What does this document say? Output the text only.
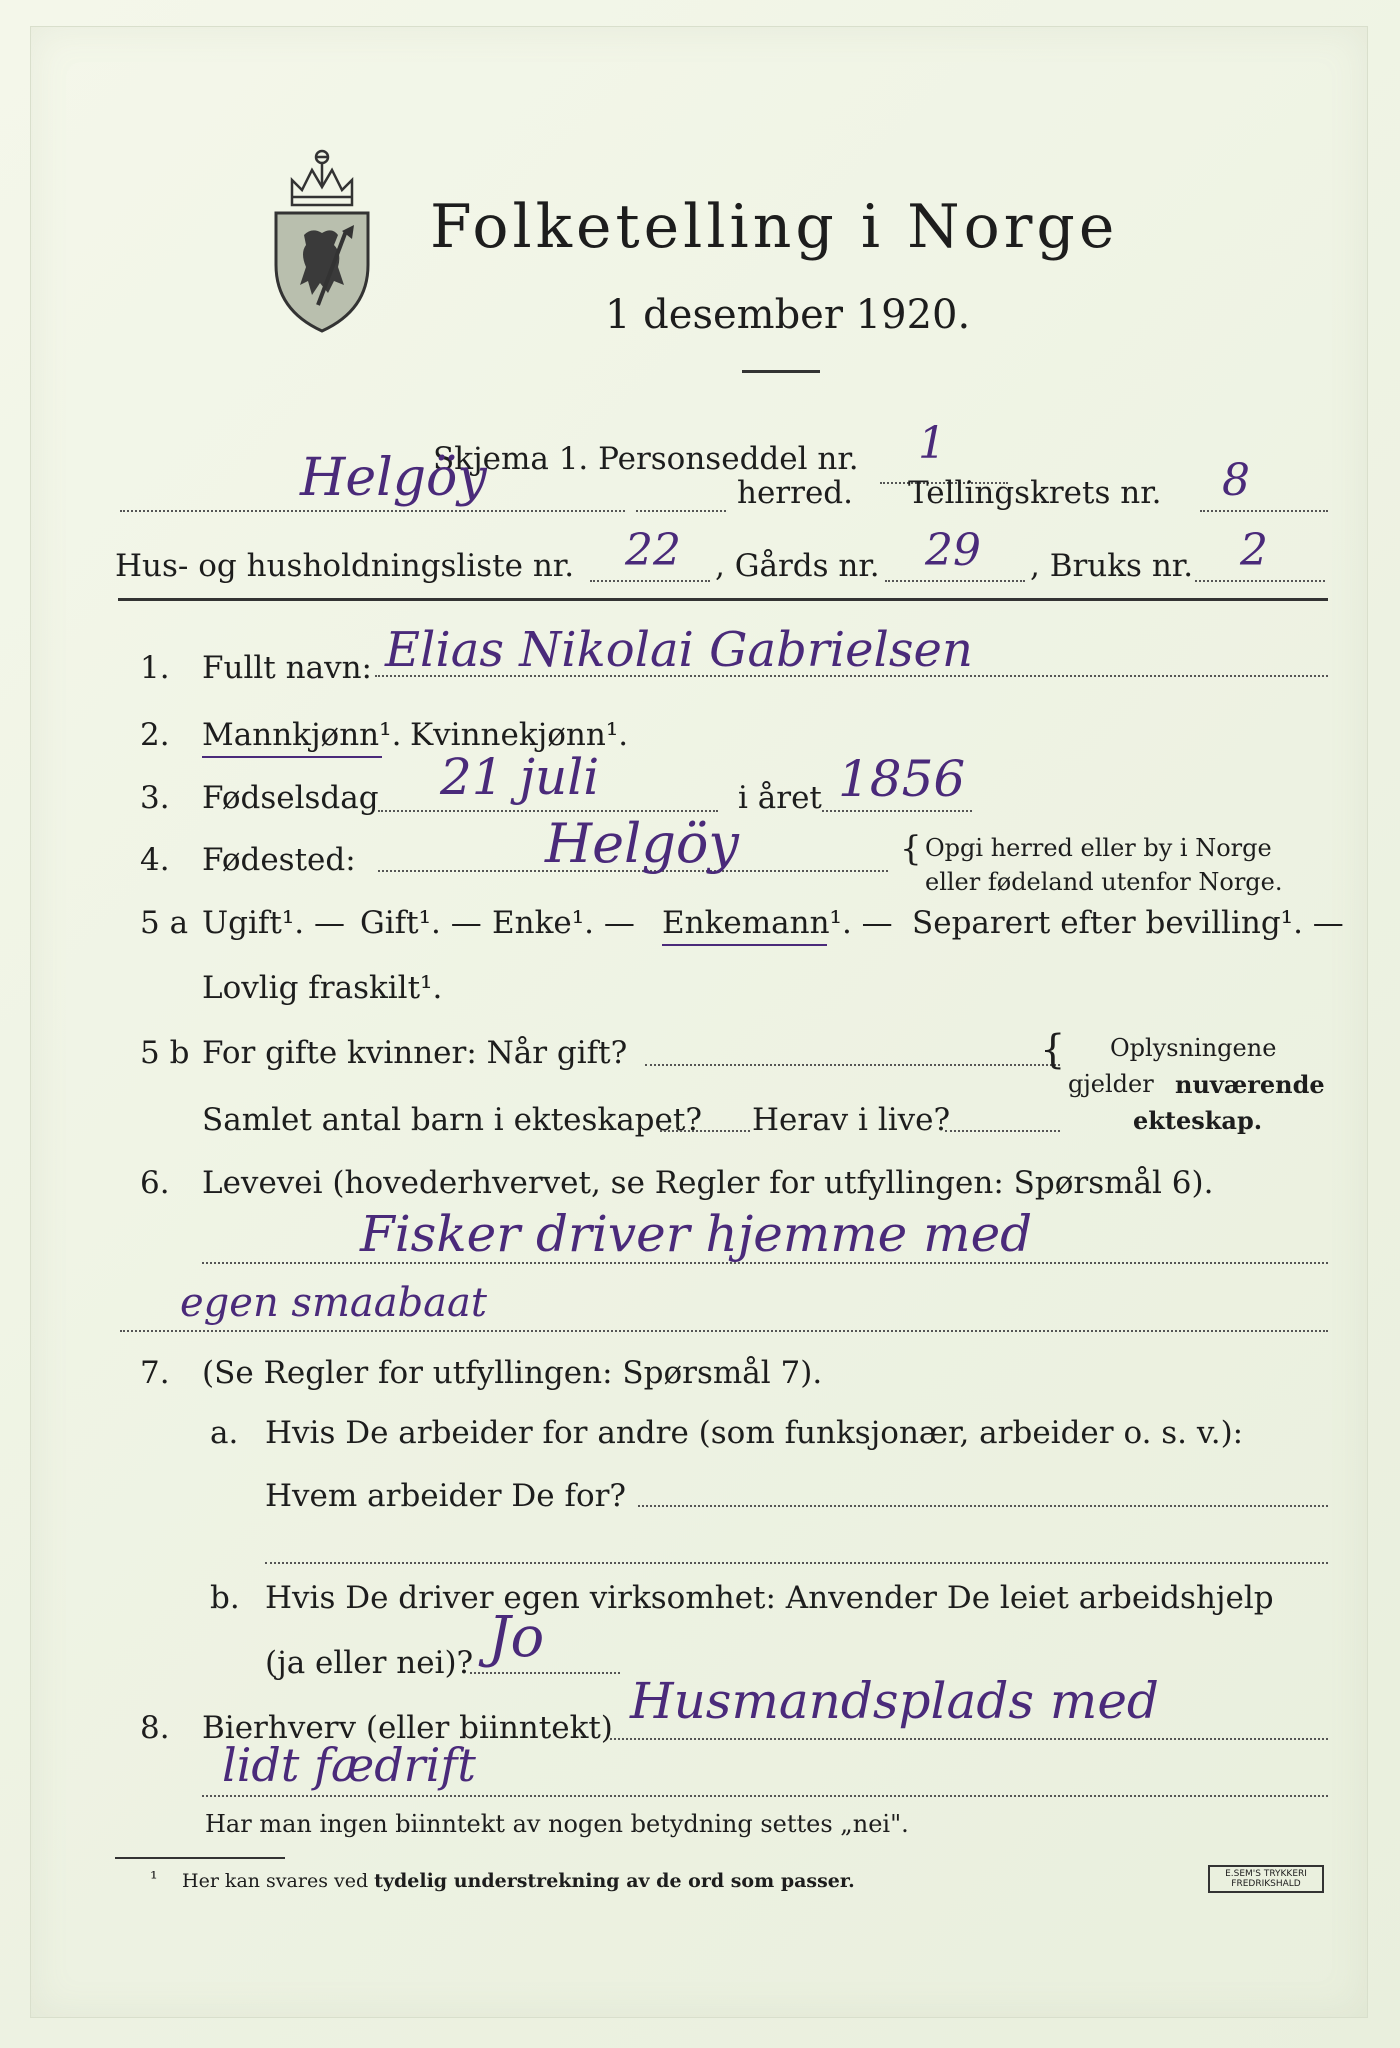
Folketelling i Norge
1 desember 1920.
Skjema 1. Personseddel nr. 1
Helgöy	herred. Tellingskrets nr. 8
Hus- og husholdningsliste nr. 22 , Gårds nr. 29 , Bruks nr. 2
1. Fullt navn: Elias Nikolai Gabrielsen
2. Mannkjønn¹. Kvinnekjønn¹.
3. Fødselsdag 21 juli	i året 1856
4. Fødested:	Helgöy	{ Opgi herred eller by i Norge
eller fødeland utenfor Norge.
5 a Ugift¹. — Gift¹. — Enke¹. — Enkemann¹. — Separert efter bevilling¹. —
Lovlig fraskilt¹.
5 b For gifte kvinner: Når gift?
Samlet antal barn i ekteskapet? Herav i live?
{ Oplysningene
gjelder nuværende
ekteskap.
6. Levevei (hovederhvervet, se Regler for utfyllingen: Spørsmål 6).
Fisker driver hjemme med
egen smaabaat
7. (Se Regler for utfyllingen: Spørsmål 7).
a. Hvis De arbeider for andre (som funksjonær, arbeider o. s. v.):
Hvem arbeider De for?
b. Hvis De driver egen virksomhet: Anvender De leiet arbeidshjelp
(ja eller nei)? Jo
8. Bierhverv (eller biinntekt) Husmandsplads med
lidt fædrift
Har man ingen biinntekt av nogen betydning settes „nei".
¹ Her kan svares ved tydelig understrekning av de ord som passer.	E.SEM'S TRYKKERI FREDRIKSHALD
